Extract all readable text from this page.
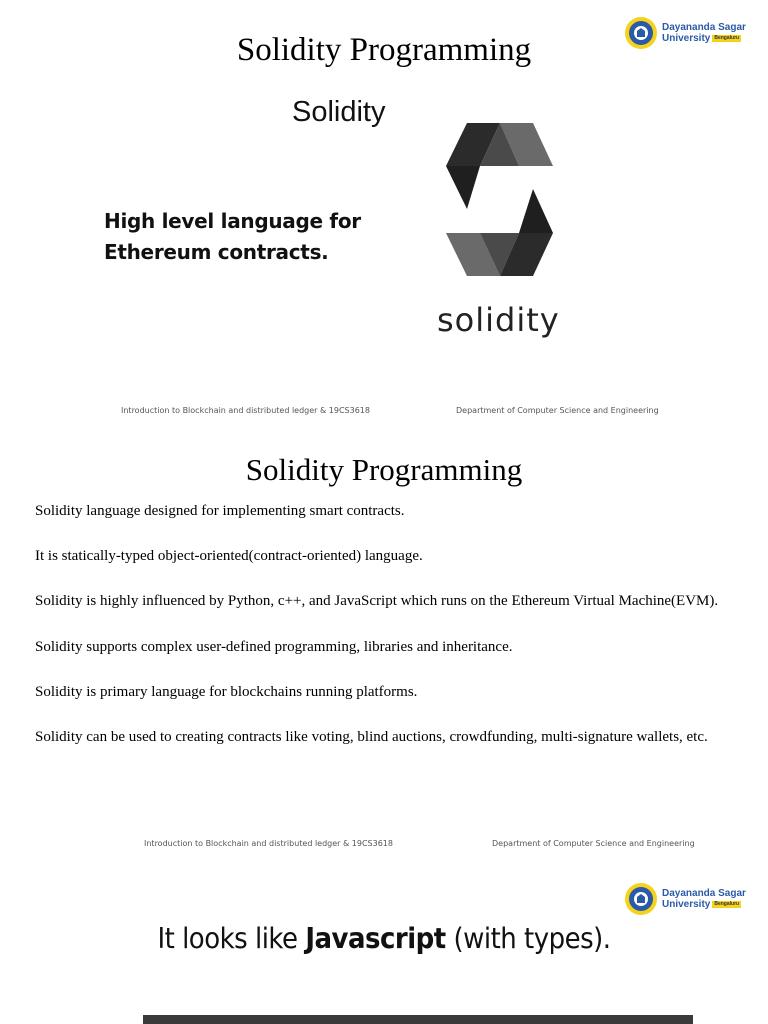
Dayananda Sagar
University Bengaluru
Solidity Programming
Solidity
High level language for
Ethereum contracts.
solidity
Introduction to Blockchain and distributed ledger & 19CS3618	Department of Computer Science and Engineering
Solidity Programming
Solidity language designed for implementing smart contracts.
It is statically-typed object-oriented(contract-oriented) language.
Solidity is highly influenced by Python, c++, and JavaScript which runs on the Ethereum Virtual Machine(EVM).
Solidity supports complex user-defined programming, libraries and inheritance.
Solidity is primary language for blockchains running platforms.
Solidity can be used to creating contracts like voting, blind auctions, crowdfunding, multi-signature wallets, etc.
Introduction to Blockchain and distributed ledger & 19CS3618	Department of Computer Science and Engineering
Dayananda Sagar
University Bengaluru
It looks like Javascript (with types).
